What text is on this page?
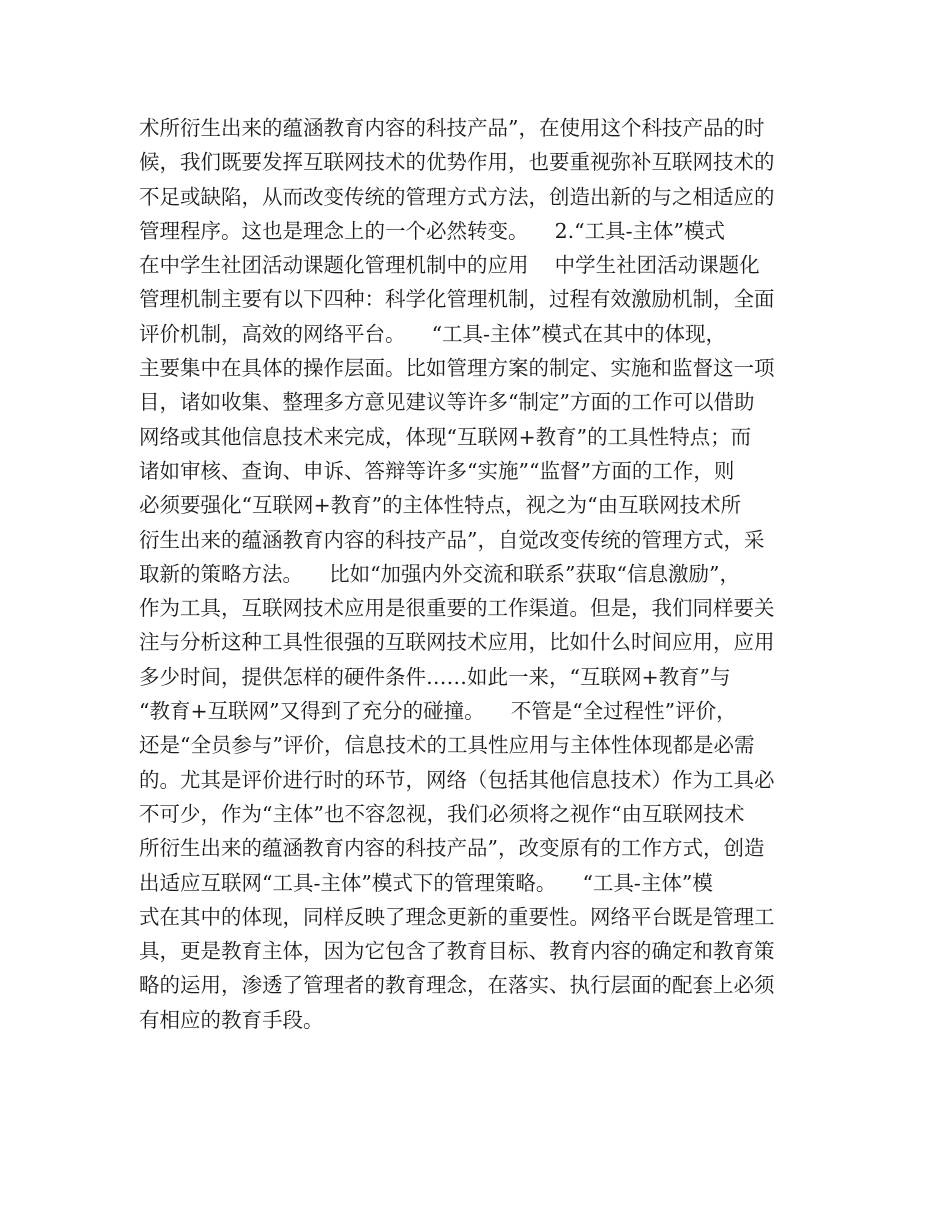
术所衍生出来的蕴涵教育内容的科技产品”，在使用这个科技产品的时
候，我们既要发挥互联网技术的优势作用，也要重视弥补互联网技术的
不足或缺陷，从而改变传统的管理方式方法，创造出新的与之相适应的
管理程序。这也是理念上的一个必然转变。    2.“工具-主体”模式
在中学生社团活动课题化管理机制中的应用    中学生社团活动课题化
管理机制主要有以下四种：科学化管理机制，过程有效激励机制，全面
评价机制，高效的网络平台。    “工具-主体”模式在其中的体现，
主要集中在具体的操作层面。比如管理方案的制定、实施和监督这一项
目，诸如收集、整理多方意见建议等许多“制定”方面的工作可以借助
网络或其他信息技术来完成，体现“互联网+教育”的工具性特点；而
诸如审核、查询、申诉、答辩等许多“实施”“监督”方面的工作，则
必须要强化“互联网+教育”的主体性特点，视之为“由互联网技术所
衍生出来的蕴涵教育内容的科技产品”，自觉改变传统的管理方式，采
取新的策略方法。    比如“加强内外交流和联系”获取“信息激励”，
作为工具，互联网技术应用是很重要的工作渠道。但是，我们同样要关
注与分析这种工具性很强的互联网技术应用，比如什么时间应用，应用
多少时间，提供怎样的硬件条件……如此一来，“互联网+教育”与
“教育+互联网”又得到了充分的碰撞。    不管是“全过程性”评价，
还是“全员参与”评价，信息技术的工具性应用与主体性体现都是必需
的。尤其是评价进行时的环节，网络（包括其他信息技术）作为工具必
不可少，作为“主体”也不容忽视，我们必须将之视作“由互联网技术
所衍生出来的蕴涵教育内容的科技产品”，改变原有的工作方式，创造
出适应互联网“工具-主体”模式下的管理策略。    “工具-主体”模
式在其中的体现，同样反映了理念更新的重要性。网络平台既是管理工
具，更是教育主体，因为它包含了教育目标、教育内容的确定和教育策
略的运用，渗透了管理者的教育理念，在落实、执行层面的配套上必须
有相应的教育手段。
